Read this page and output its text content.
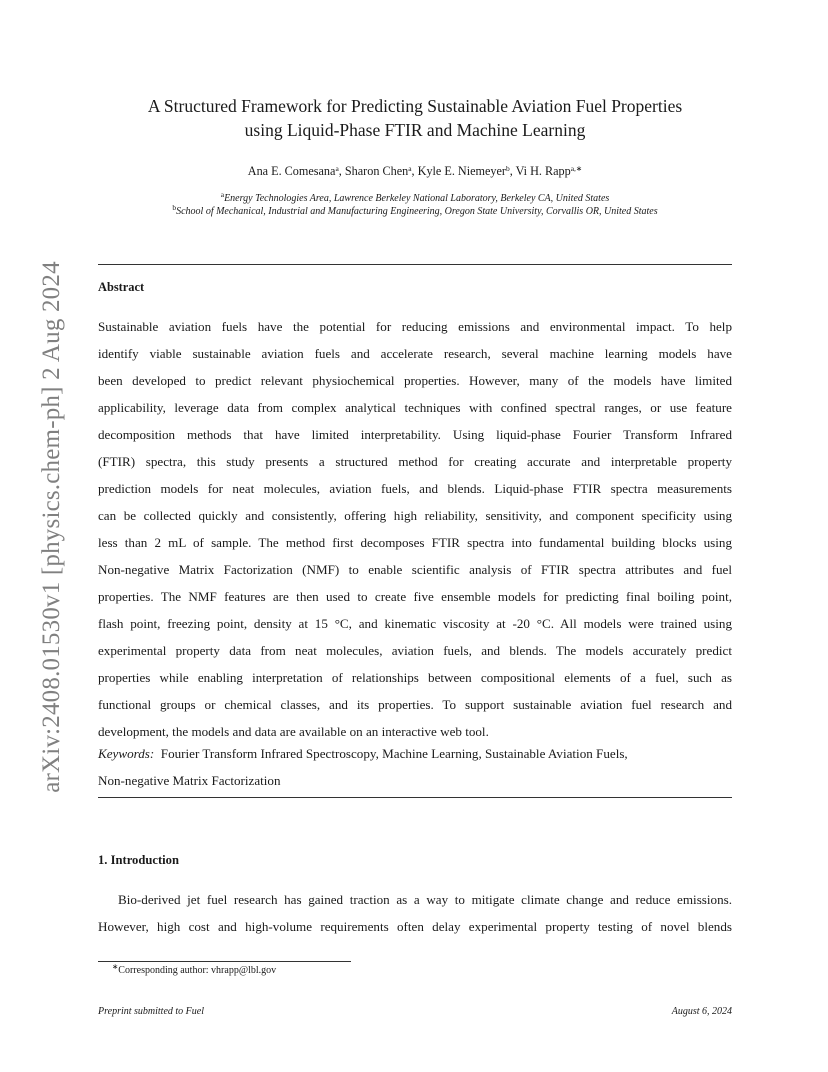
arXiv:2408.01530v1 [physics.chem-ph] 2 Aug 2024
A Structured Framework for Predicting Sustainable Aviation Fuel Properties
using Liquid-Phase FTIR and Machine Learning
Ana E. Comesana$^a$, Sharon Chen$^a$, Kyle E. Niemeyer$^b$, Vi H. Rapp$^{a,∗}$
$^a$Energy Technologies Area, Lawrence Berkeley National Laboratory, Berkeley CA, United States
$^b$School of Mechanical, Industrial and Manufacturing Engineering, Oregon State University, Corvallis OR, United States
Abstract
Sustainable aviation fuels have the potential for reducing emissions and environmental impact. To help
identify viable sustainable aviation fuels and accelerate research, several machine learning models have
been developed to predict relevant physiochemical properties. However, many of the models have limited
applicability, leverage data from complex analytical techniques with confined spectral ranges, or use feature
decomposition methods that have limited interpretability. Using liquid-phase Fourier Transform Infrared
(FTIR) spectra, this study presents a structured method for creating accurate and interpretable property
prediction models for neat molecules, aviation fuels, and blends. Liquid-phase FTIR spectra measurements
can be collected quickly and consistently, offering high reliability, sensitivity, and component specificity using
less than 2 mL of sample. The method first decomposes FTIR spectra into fundamental building blocks using
Non-negative Matrix Factorization (NMF) to enable scientific analysis of FTIR spectra attributes and fuel
properties. The NMF features are then used to create five ensemble models for predicting final boiling point,
flash point, freezing point, density at 15 °C, and kinematic viscosity at -20 °C. All models were trained using
experimental property data from neat molecules, aviation fuels, and blends. The models accurately predict
properties while enabling interpretation of relationships between compositional elements of a fuel, such as
functional groups or chemical classes, and its properties. To support sustainable aviation fuel research and
development, the models and data are available on an interactive web tool.
Keywords: Fourier Transform Infrared Spectroscopy, Machine Learning, Sustainable Aviation Fuels,
Non-negative Matrix Factorization
1. Introduction
Bio-derived jet fuel research has gained traction as a way to mitigate climate change and reduce emissions.
However, high cost and high-volume requirements often delay experimental property testing of novel blends
∗Corresponding author: vhrapp@lbl.gov
Preprint submitted to Fuel	August 6, 2024
